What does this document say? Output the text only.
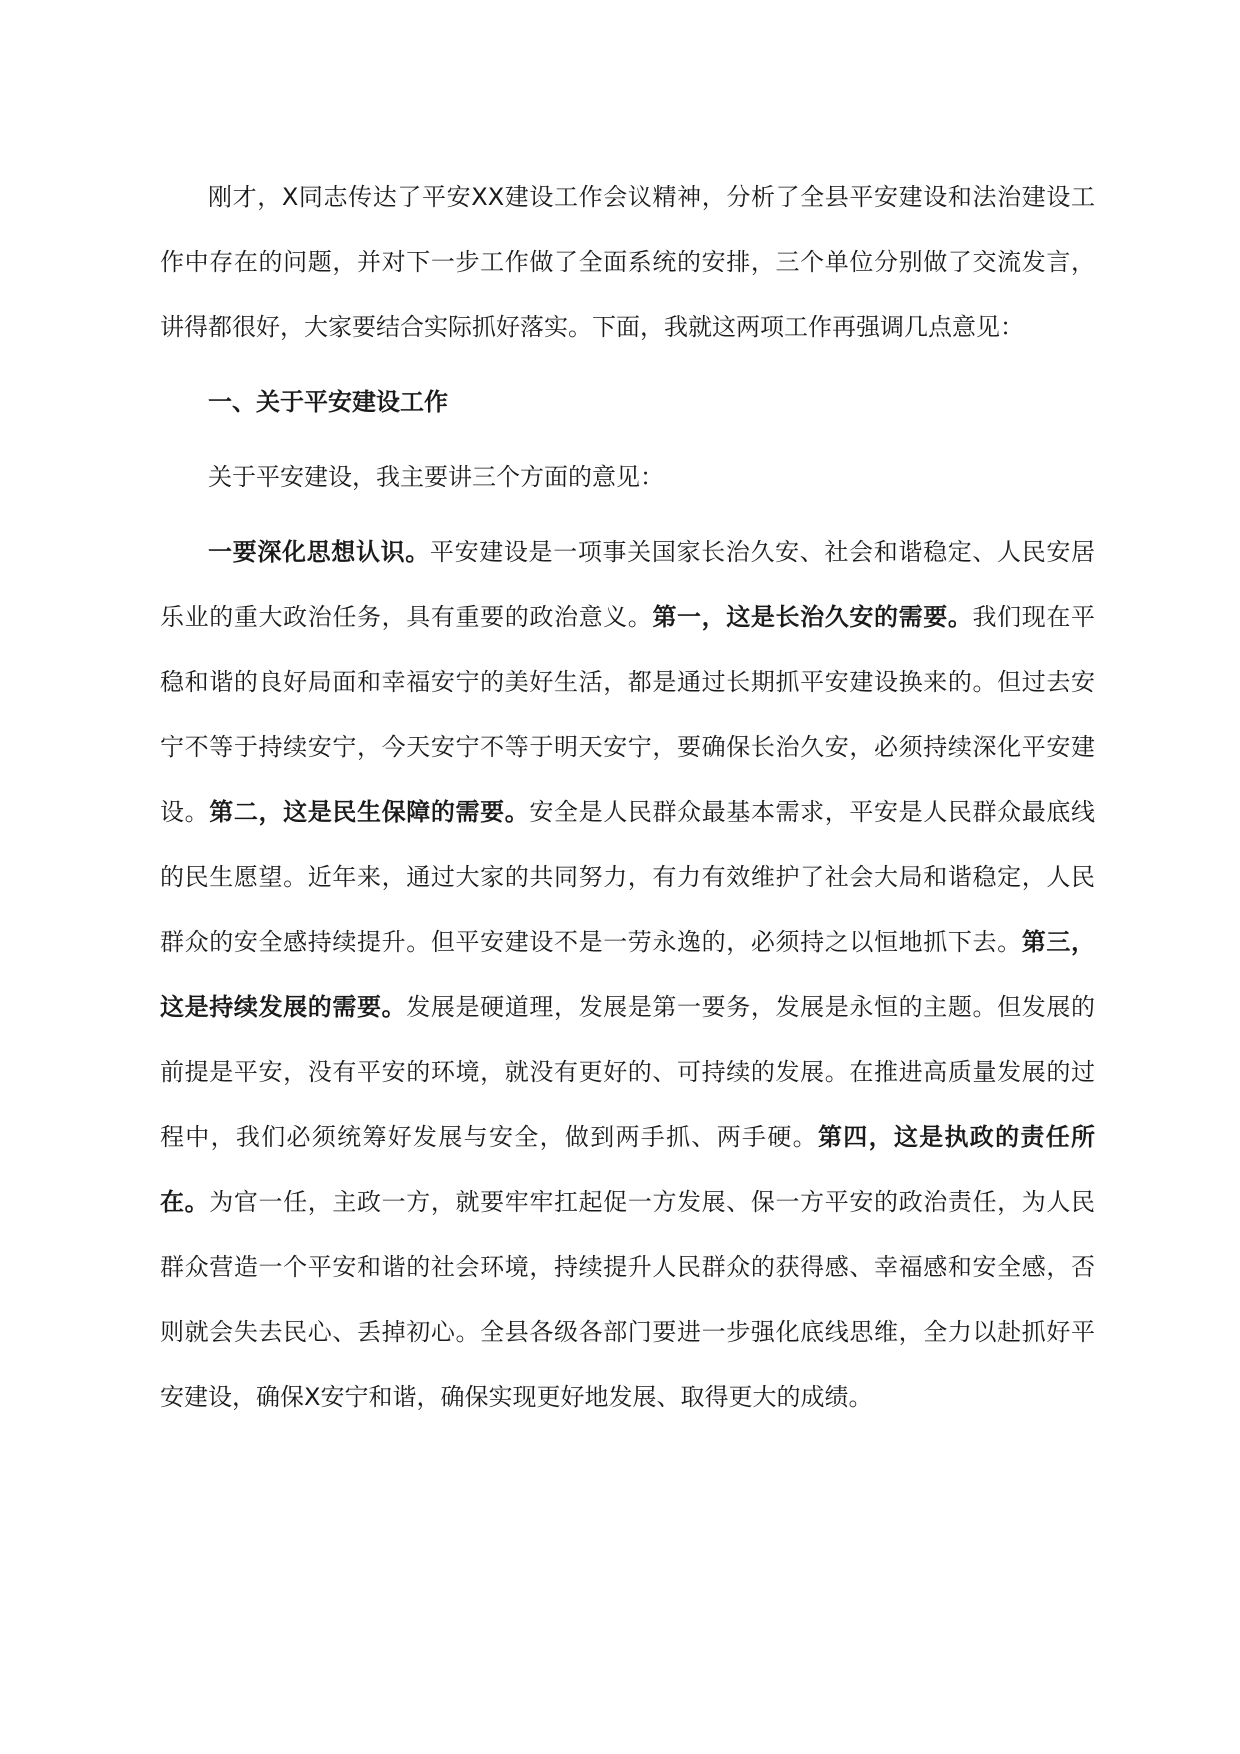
刚才，X同志传达了平安XX建设工作会议精神，分析了全县平安建设和法治建设工作中存在的问题，并对下一步工作做了全面系统的安排，三个单位分别做了交流发言，讲得都很好，大家要结合实际抓好落实。下面，我就这两项工作再强调几点意见：

一、关于平安建设工作

关于平安建设，我主要讲三个方面的意见：

一要深化思想认识。平安建设是一项事关国家长治久安、社会和谐稳定、人民安居乐业的重大政治任务，具有重要的政治意义。第一，这是长治久安的需要。我们现在平稳和谐的良好局面和幸福安宁的美好生活，都是通过长期抓平安建设换来的。但过去安宁不等于持续安宁，今天安宁不等于明天安宁，要确保长治久安，必须持续深化平安建设。第二，这是民生保障的需要。安全是人民群众最基本需求，平安是人民群众最底线的民生愿望。近年来，通过大家的共同努力，有力有效维护了社会大局和谐稳定，人民群众的安全感持续提升。但平安建设不是一劳永逸的，必须持之以恒地抓下去。第三，这是持续发展的需要。发展是硬道理，发展是第一要务，发展是永恒的主题。但发展的前提是平安，没有平安的环境，就没有更好的、可持续的发展。在推进高质量发展的过程中，我们必须统筹好发展与安全，做到两手抓、两手硬。第四，这是执政的责任所在。为官一任，主政一方，就要牢牢扛起促一方发展、保一方平安的政治责任，为人民群众营造一个平安和谐的社会环境，持续提升人民群众的获得感、幸福感和安全感，否则就会失去民心、丢掉初心。全县各级各部门要进一步强化底线思维，全力以赴抓好平安建设，确保X安宁和谐，确保实现更好地发展、取得更大的成绩。
